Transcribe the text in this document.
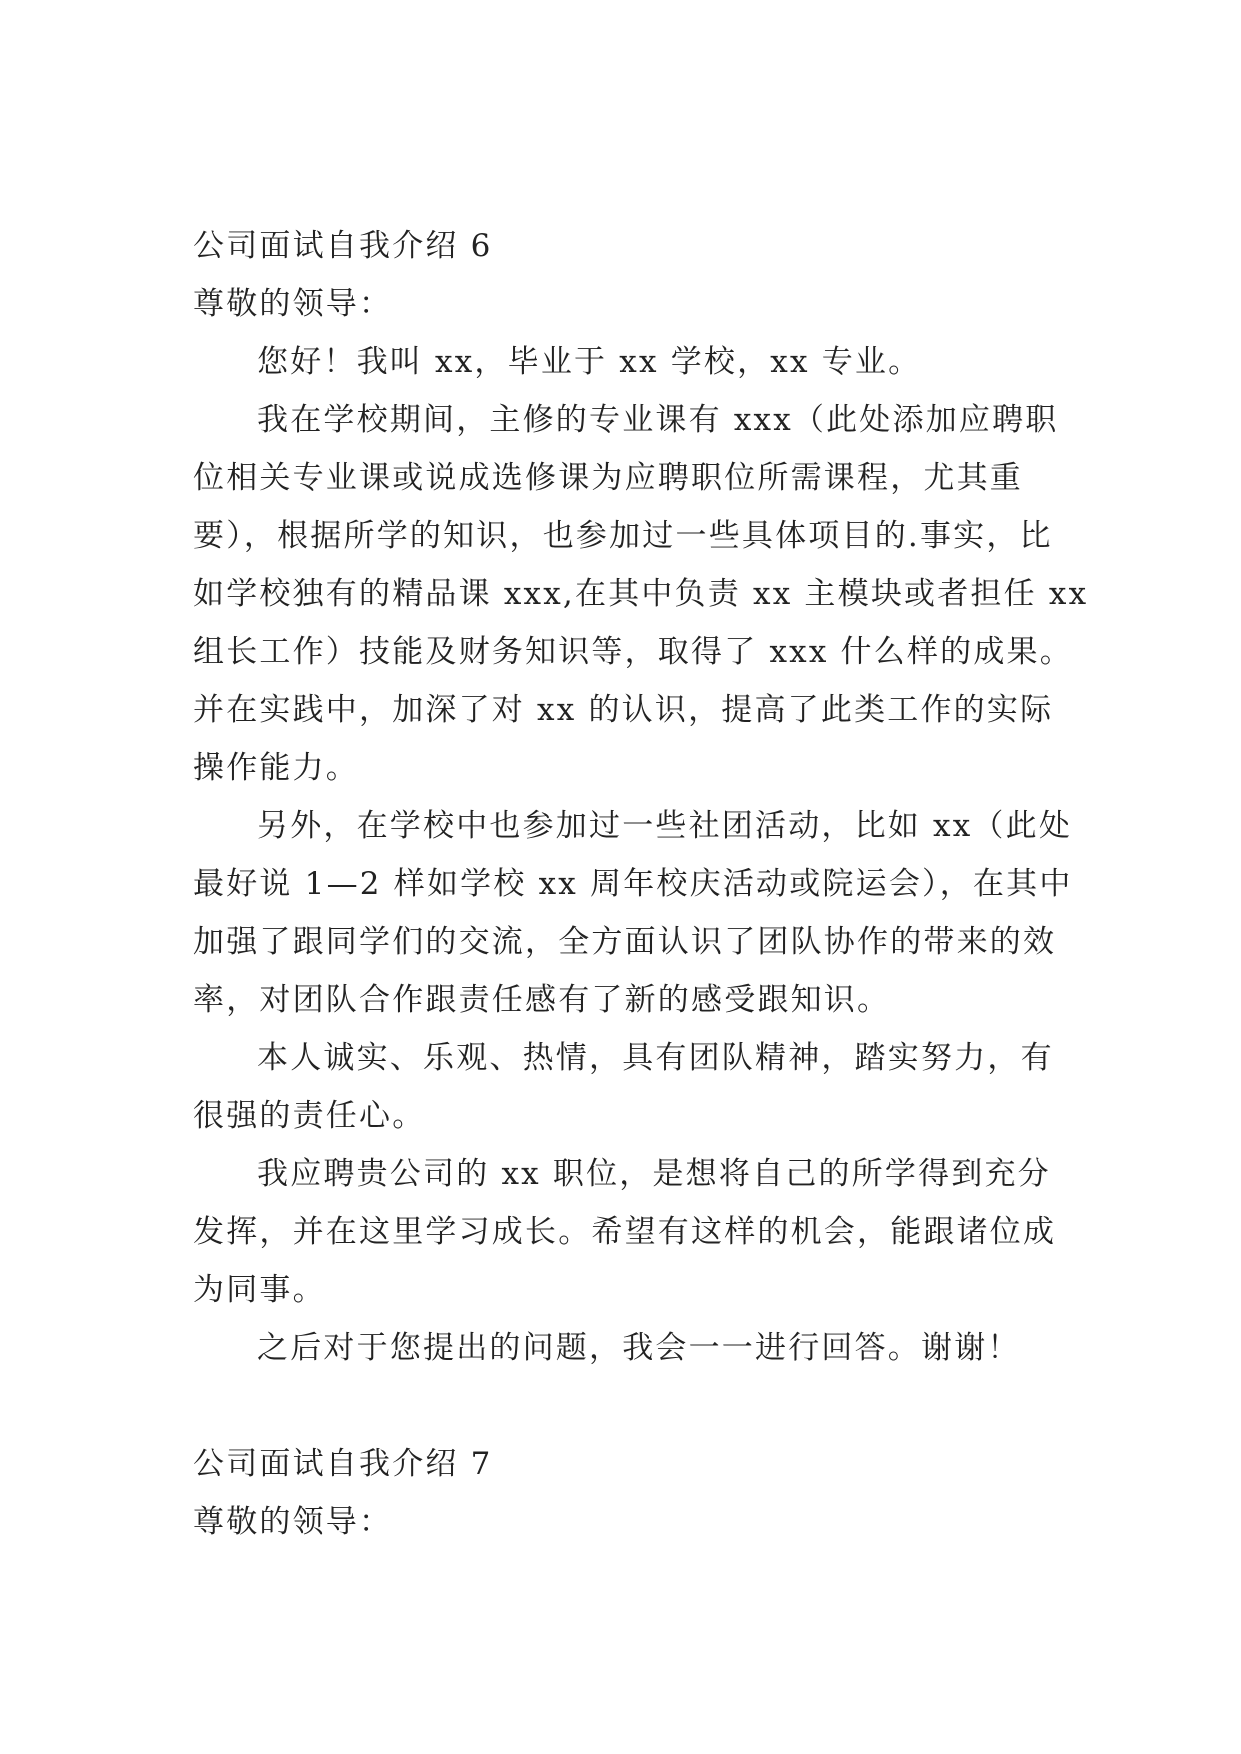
公司面试自我介绍 6
尊敬的领导：
您好！我叫 xx，毕业于 xx 学校，xx 专业。
我在学校期间，主修的专业课有 xxx（此处添加应聘职
位相关专业课或说成选修课为应聘职位所需课程，尤其重
要），根据所学的知识，也参加过一些具体项目的.事实，比
如学校独有的精品课 xxx,在其中负责 xx 主模块或者担任 xx
组长工作）技能及财务知识等，取得了 xxx 什么样的成果。
并在实践中，加深了对 xx 的认识，提高了此类工作的实际
操作能力。
另外，在学校中也参加过一些社团活动，比如 xx（此处
最好说 1—2 样如学校 xx 周年校庆活动或院运会），在其中
加强了跟同学们的交流，全方面认识了团队协作的带来的效
率，对团队合作跟责任感有了新的感受跟知识。
本人诚实、乐观、热情，具有团队精神，踏实努力，有
很强的责任心。
我应聘贵公司的 xx 职位，是想将自己的所学得到充分
发挥，并在这里学习成长。希望有这样的机会，能跟诸位成
为同事。
之后对于您提出的问题，我会一一进行回答。谢谢！
公司面试自我介绍 7
尊敬的领导：
